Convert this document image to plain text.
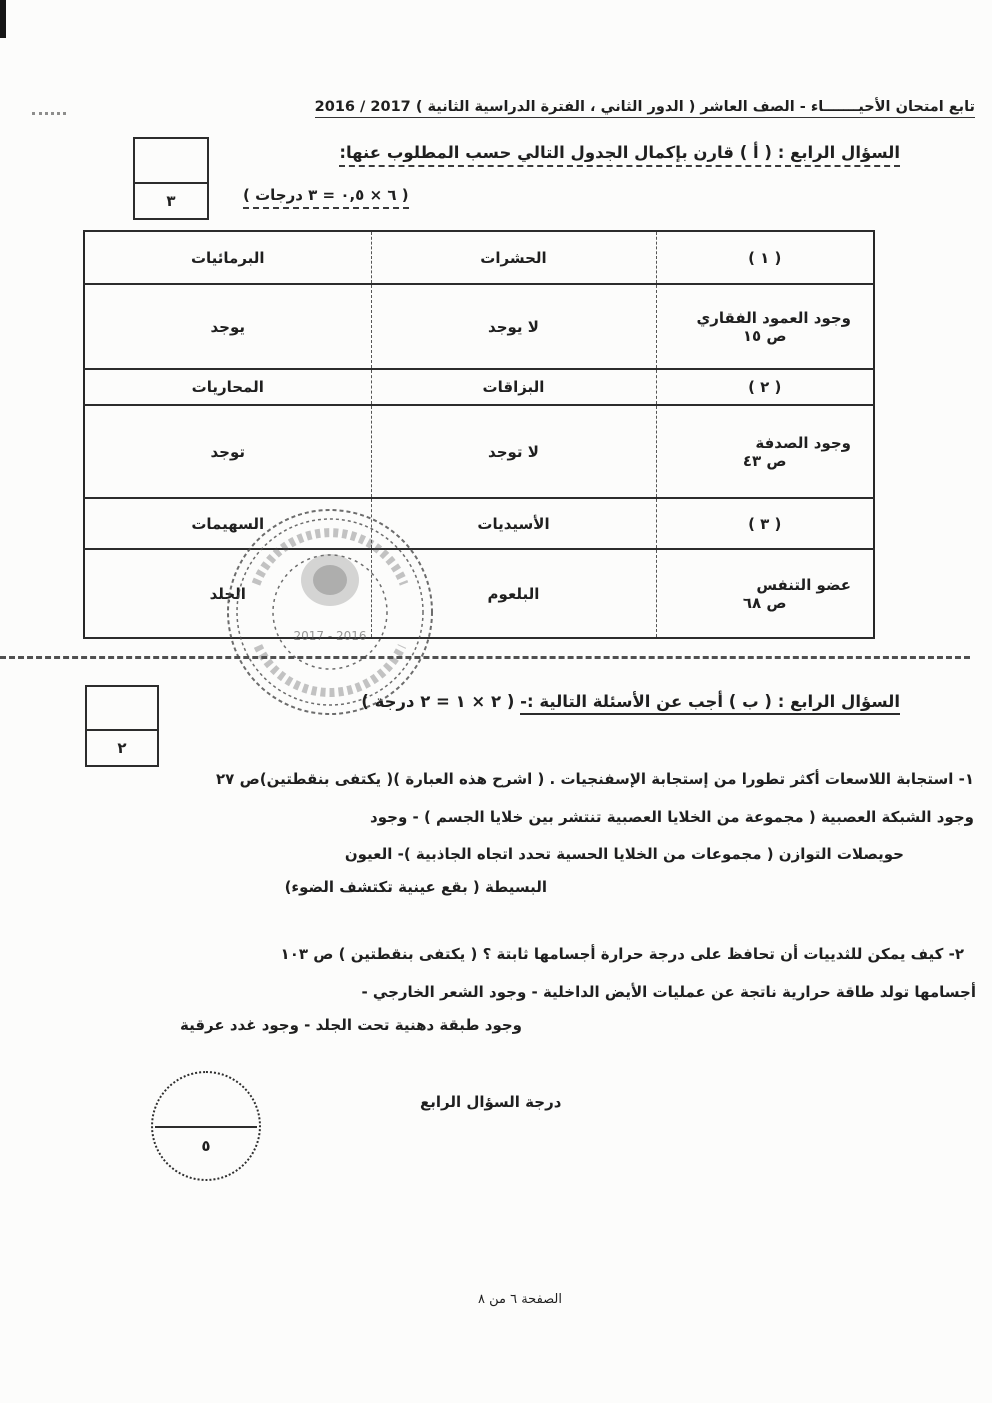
تابع امتحان الأحيـــــــاء - الصف العاشر ( الدور الثاني ، الفترة الدراسية الثانية ) 2017 / 2016
٣
السؤال الرابع : ( أ ) قارن بإكمال الجدول التالي حسب المطلوب عنها:
( ٦ × ٠,٥ = ٣ درجات )
( ١ )	الحشرات	البرمائيات

وجود العمود الفقاري
ص ١٥	لا يوجد	يوجد
( ٢ )	البزاقات	المحاريات

وجود الصدفة
ص ٤٣	لا توجد	توجد
( ٣ )	الأسيديات	السهيمات

عضو التنفس
ص ٦٨	البلعوم	الجلد
2016 - 2017
٢
السؤال الرابع : ( ب ) أجب عن الأسئلة التالية :- ( ٢ × ١ = ٢ درجة )
١- استجابة اللاسعات أكثر تطورا من إستجابة الإسفنجيات . ( اشرح هذه العبارة )( يكتفى بنقطتين)ص ٢٧
وجود الشبكة العصبية ( مجموعة من الخلايا العصبية تنتشر بين خلايا الجسم ) - وجود
حويصلات التوازن ( مجموعات من الخلايا الحسية تحدد اتجاه الجاذبية )- العيون
البسيطة ( بقع عينية تكتشف الضوء)
٢- كيف يمكن للثدييات أن تحافظ على درجة حرارة أجسامها ثابتة ؟ ( يكتفى بنقطتين ) ص ١٠٣
أجسامها تولد طاقة حرارية ناتجة عن عمليات الأيض الداخلية - وجود الشعر الخارجي -
وجود طبقة دهنية تحت الجلد - وجود غدد عرقية
٥
درجة السؤال الرابع
الصفحة ٦ من ٨
